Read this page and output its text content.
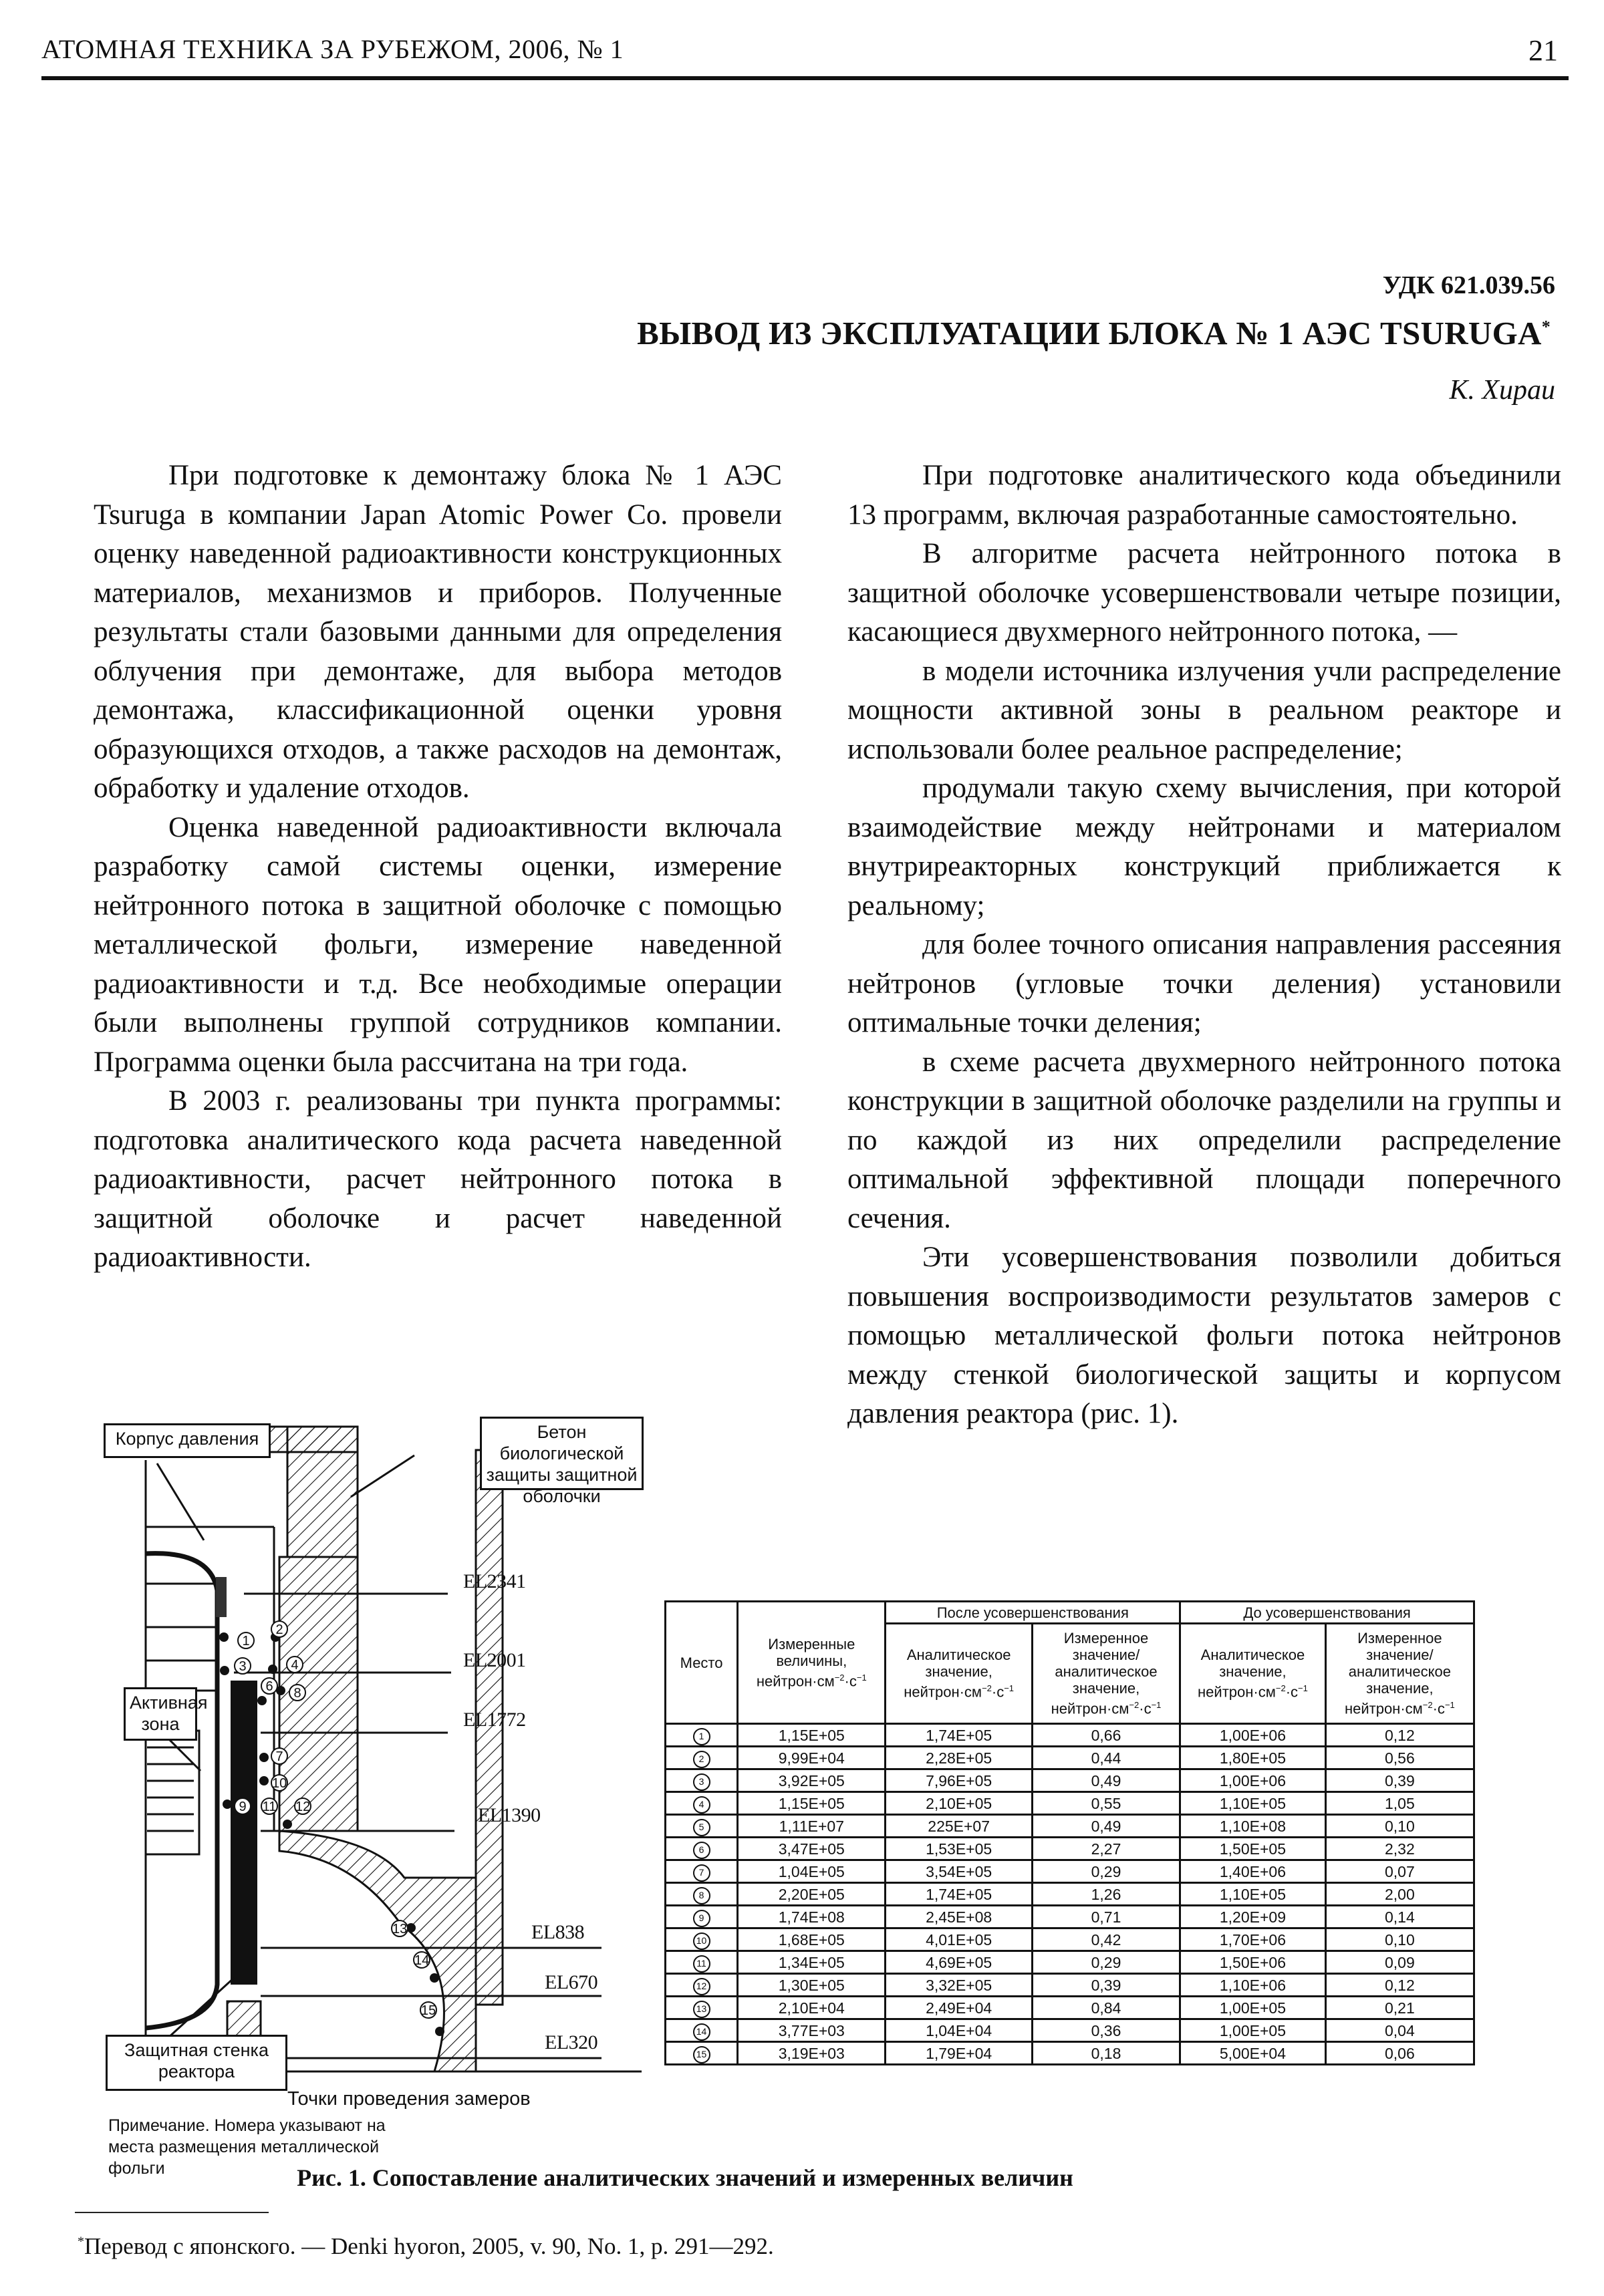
АТОМНАЯ ТЕХНИКА ЗА РУБЕЖОМ, 2006, № 1	21
УДК 621.039.56
ВЫВОД ИЗ ЭКСПЛУАТАЦИИ БЛОКА № 1 АЭС TSURUGA*
К. Хираи

При подготовке к демонтажу блока № 1 АЭС Tsuruga в компании Japan Atomic Power Co. провели оценку наведенной радиоактивности конструкционных материалов, механизмов и приборов. Полученные результаты стали базовыми данными для определения облучения при демонтаже, для выбора методов демонтажа, классификационной оценки уровня образующихся отходов, а также расходов на демонтаж, обработку и удаление отходов.

Оценка наведенной радиоактивности включала разработку самой системы оценки, измерение нейтронного потока в защитной оболочке с помощью металлической фольги, измерение наведенной радиоактивности и т.д. Все необходимые операции были выполнены группой сотрудников компании. Программа оценки была рассчитана на три года.

В 2003 г. реализованы три пункта программы: подготовка аналитического кода расчета наведенной радиоактивности, расчет нейтронного потока в защитной оболочке и расчет наведенной радиоактивности.

При подготовке аналитического кода объединили 13 программ, включая разработанные самостоятельно.

В алгоритме расчета нейтронного потока в защитной оболочке усовершенствовали четыре позиции, касающиеся двухмерного нейтронного потока, —

в модели источника излучения учли распределение мощности активной зоны в реальном реакторе и использовали более реальное распределение;

продумали такую схему вычисления, при которой взаимодействие между нейтронами и материалом внутриреакторных конструкций приближается к реальному;

для более точного описания направления рассеяния нейтронов (угловые точки деления) установили оптимальные точки деления;

в схеме расчета двухмерного нейтронного потока конструкции в защитной оболочке разделили на группы и по каждой из них определили распределение оптимальной эффективной площади поперечного сечения.

Эти усовершенствования позволили добиться повышения воспроизводимости результатов замеров с помощью металлической фольги потока нейтронов между стенкой биологической защиты и корпусом давления реактора (рис. 1).

Корпус давления	Бетон биологической защиты защитной оболочки
Активная зона
Защитная стенка реактора
EL2341
EL2001
EL1772
EL1390
EL838
EL670
EL320
1
2
3	4
6	8
7
10
9	11 12
13
14
15
Точки проведения замеров
Примечание. Номера указывают на места размещения металлической фольги
Место	Измеренные величины, $нейтрон\cdot см^{-2}\cdot с^{-1}$	После усовершенствования		До усовершенствования	
		Аналитическое значение, $нейтрон\cdot см^{-2}\cdot с^{-1}$	Измеренное значение/аналитическое значение, $нейтрон\cdot см^{-2}\cdot с^{-1}$	Аналитическое значение, $нейтрон\cdot см^{-2}\cdot с^{-1}$	Измеренное значение/аналитическое значение, $нейтрон\cdot см^{-2}\cdot с^{-1}$
1	1,15E+05	1,74E+05	0,66	1,00E+06	0,12
2	9,99E+04	2,28E+05	0,44	1,80E+05	0,56
3	3,92E+05	7,96E+05	0,49	1,00E+06	0,39
4	1,15E+05	2,10E+05	0,55	1,10E+05	1,05
5	1,11E+07	225E+07	0,49	1,10E+08	0,10
6	3,47E+05	1,53E+05	2,27	1,50E+05	2,32
7	1,04E+05	3,54E+05	0,29	1,40E+06	0,07
8	2,20E+05	1,74E+05	1,26	1,10E+05	2,00
9	1,74E+08	2,45E+08	0,71	1,20E+09	0,14
10	1,68E+05	4,01E+05	0,42	1,70E+06	0,10
11	1,34E+05	4,69E+05	0,29	1,50E+06	0,09
12	1,30E+05	3,32E+05	0,39	1,10E+06	0,12
13	2,10E+04	2,49E+04	0,84	1,00E+05	0,21
14	3,77E+03	1,04E+04	0,36	1,00E+05	0,04
15	3,19E+03	1,79E+04	0,18	5,00E+04	0,06
Рис. 1. Сопоставление аналитических значений и измеренных величин
*Перевод с японского. — Denki hyoron, 2005, v. 90, No. 1, p. 291—292.
